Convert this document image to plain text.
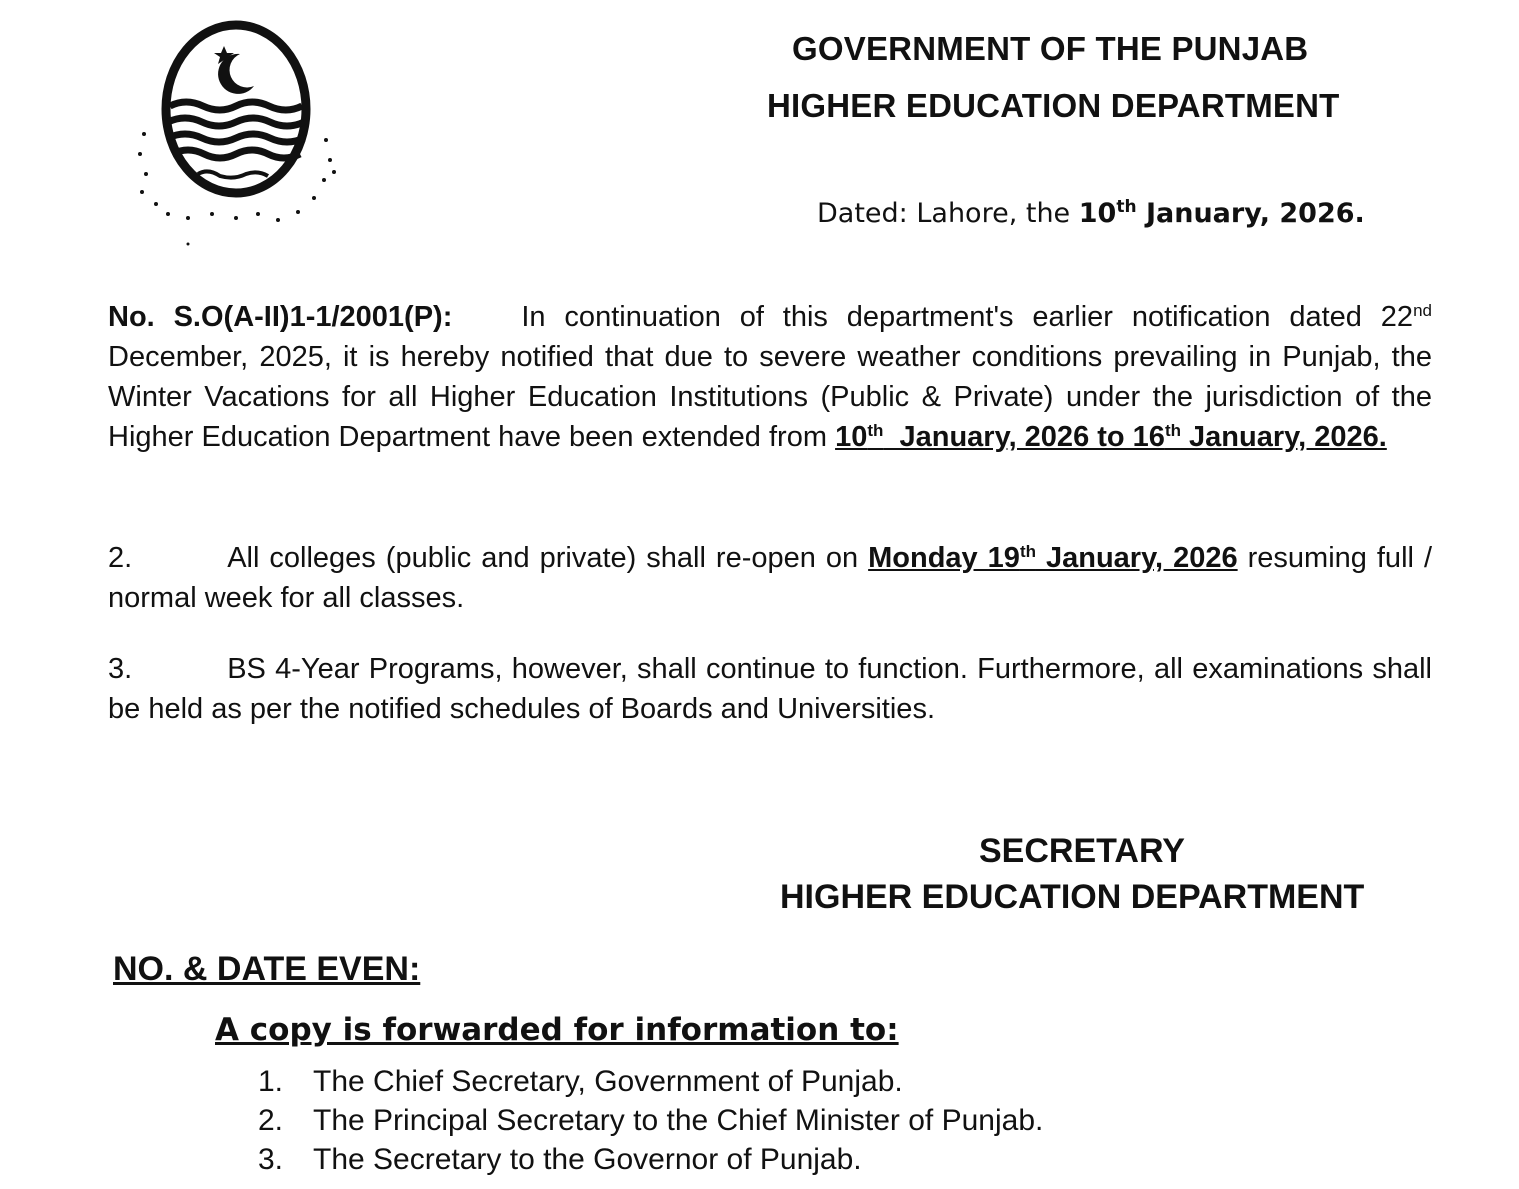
GOVERNMENT OF THE PUNJAB
HIGHER EDUCATION DEPARTMENT
Dated: Lahore, the 10th January, 2026.
No. S.O(A-II)1-1/2001(P): In continuation of this department's earlier notification dated 22nd December, 2025, it is hereby notified that due to severe weather conditions prevailing in Punjab, the Winter Vacations for all Higher Education Institutions (Public & Private) under the jurisdiction of the Higher Education Department have been extended from 10th  January, 2026 to 16th January, 2026.
2.	All colleges (public and private) shall re-open on Monday 19th January, 2026 resuming full / normal week for all classes.
3.	BS 4-Year Programs, however, shall continue to function. Furthermore, all examinations shall be held as per the notified schedules of Boards and Universities.
SECRETARY
HIGHER EDUCATION DEPARTMENT
NO. & DATE EVEN:
A copy is forwarded for information to:
1. The Chief Secretary, Government of Punjab.
2. The Principal Secretary to the Chief Minister of Punjab.
3. The Secretary to the Governor of Punjab.
